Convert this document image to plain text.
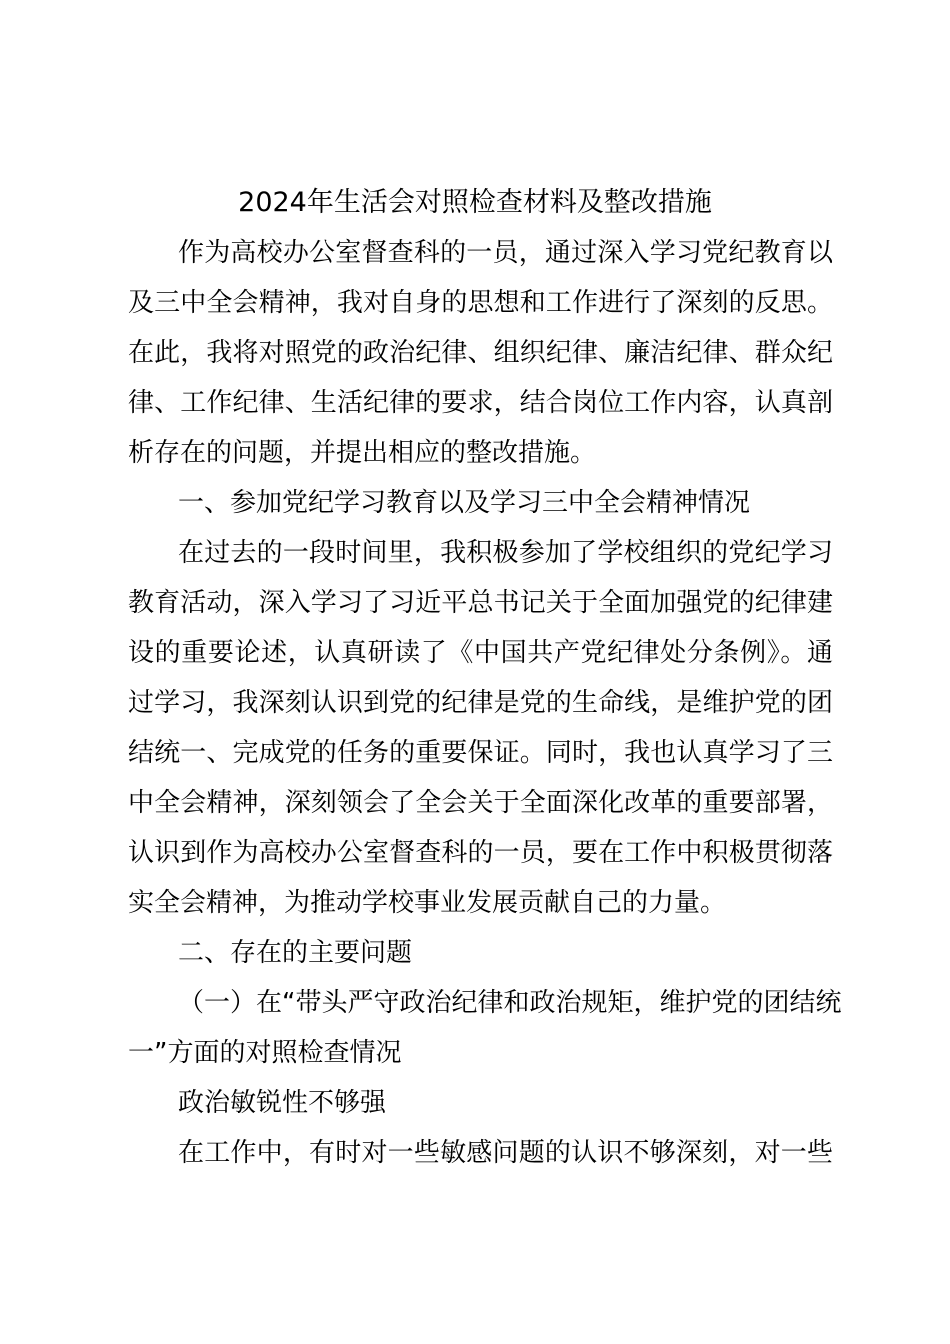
2024年生活会对照检查材料及整改措施
作为高校办公室督查科的一员，通过深入学习党纪教育以
及三中全会精神，我对自身的思想和工作进行了深刻的反思。
在此，我将对照党的政治纪律、组织纪律、廉洁纪律、群众纪
律、工作纪律、生活纪律的要求，结合岗位工作内容，认真剖
析存在的问题，并提出相应的整改措施。
一、参加党纪学习教育以及学习三中全会精神情况
在过去的一段时间里，我积极参加了学校组织的党纪学习
教育活动，深入学习了习近平总书记关于全面加强党的纪律建
设的重要论述，认真研读了《中国共产党纪律处分条例》。通
过学习，我深刻认识到党的纪律是党的生命线，是维护党的团
结统一、完成党的任务的重要保证。同时，我也认真学习了三
中全会精神，深刻领会了全会关于全面深化改革的重要部署，
认识到作为高校办公室督查科的一员，要在工作中积极贯彻落
实全会精神，为推动学校事业发展贡献自己的力量。
二、存在的主要问题
（一）在“带头严守政治纪律和政治规矩，维护党的团结统
一”方面的对照检查情况
政治敏锐性不够强
在工作中，有时对一些敏感问题的认识不够深刻，对一些
